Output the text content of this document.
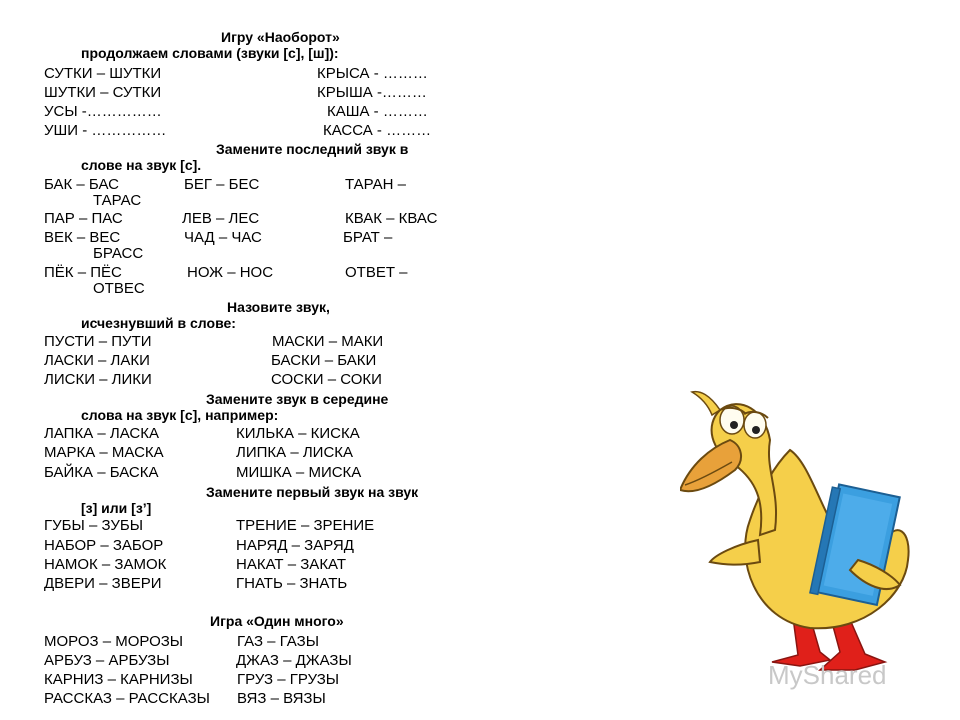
Игру «Наоборот»
продолжаем словами (звуки [с], [ш]):
СУТКИ – ШУТКИ	КРЫСА - ………
ШУТКИ – СУТКИ	КРЫША -………
УСЫ -……………	КАША - ………
УШИ - ……………	КАССА - ………
Замените последний звук в
слове на звук [с].
БАК – БАС	БЕГ – БЕС	ТАРАН –
ТАРАС
ПАР – ПАС	ЛЕВ – ЛЕС	КВАК – КВАС
ВЕК – ВЕС	ЧАД – ЧАС	БРАТ –
БРАСС
ПЁК – ПЁС	НОЖ – НОС	ОТВЕТ –
ОТВЕС
Назовите звук,
исчезнувший в слове:
ПУСТИ – ПУТИ	МАСКИ – МАКИ
ЛАСКИ – ЛАКИ	БАСКИ – БАКИ
ЛИСКИ – ЛИКИ	СОСКИ – СОКИ
Замените звук в середине
слова на звук [с], например:
ЛАПКА – ЛАСКА	КИЛЬКА – КИСКА
МАРКА – МАСКА	ЛИПКА – ЛИСКА
БАЙКА – БАСКА	МИШКА – МИСКА
Замените первый звук на звук
[з] или [з’]
ГУБЫ – ЗУБЫ	ТРЕНИЕ – ЗРЕНИЕ
НАБОР – ЗАБОР	НАРЯД – ЗАРЯД
НАМОК – ЗАМОК	НАКАТ – ЗАКАТ
ДВЕРИ – ЗВЕРИ	ГНАТЬ – ЗНАТЬ
Игра «Один много»
МОРОЗ – МОРОЗЫ	ГАЗ – ГАЗЫ
АРБУЗ – АРБУЗЫ	ДЖАЗ – ДЖАЗЫ
КАРНИЗ – КАРНИЗЫ	ГРУЗ – ГРУЗЫ
РАССКАЗ – РАССКАЗЫ ВЯЗ – ВЯЗЫ
MyShared
